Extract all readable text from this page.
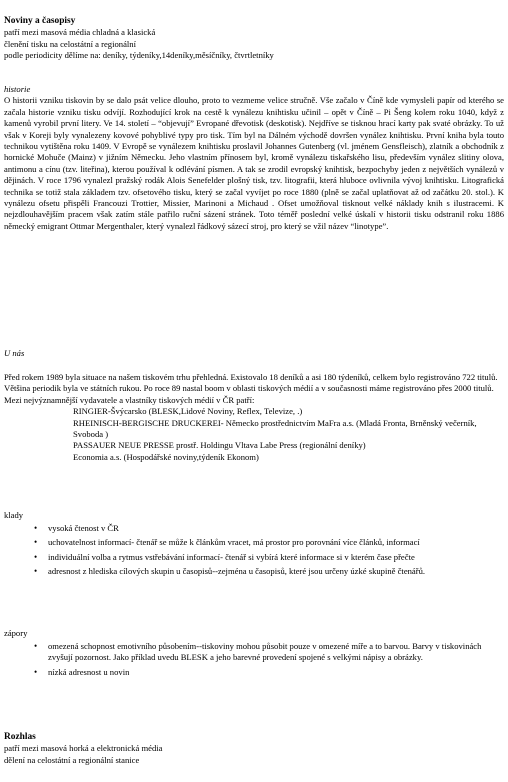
Noviny a časopisy
patří mezi masová média chladná a klasická
členění tisku na celostátní a regionální
podle periodicity dělíme na: deníky, týdeníky,14deníky,měsíčníky, čtvrtletníky
historie
O historii vzniku tiskovin by se dalo psát velice dlouho, proto to vezmeme velice stručně. Vše začalo v Číně kde vymysleli papír od kterého se začala historie vzniku tisku odvíjí. Rozhodující krok na cestě k vynálezu knihtisku učinil – opět v Číně – Pi Šeng kolem roku 1040, když z kamenů vyrobil první litery. Ve 14. století – “objevují” Evropané dřevotisk (deskotisk). Nejdříve se tisknou hrací karty pak svaté obrázky. To už však v Koreji byly vynalezeny kovové pohyblivé typy pro tisk. Tím byl na Dálném východě dovršen vynález knihtisku. První kniha byla touto technikou vytištěna roku 1409. V Evropě se vynálezem knihtisku proslavil Johannes Gutenberg (vl. jménem Gensfleisch), zlatník a obchodník z hornické Mohuče (Mainz) v jižním Německu. Jeho vlastním přínosem byl, kromě vynálezu tiskařského lisu, především vynález slitiny olova, antimonu a cínu (tzv. liteřina), kterou používal k odlévání písmen. A tak se zrodil evropský knihtisk, bezpochyby jeden z největších vynálezů v dějinách. V roce 1796 vynalezl pražský rodák Alois Senefelder plošný tisk, tzv. litografii, která hluboce ovlivnila vývoj knihtisku. Litografická technika se totiž stala základem tzv. ofsetového tisku, který se začal vyvíjet po roce 1880 (plně se začal uplatňovat až od začátku 20. stol.). K vynálezu ofsetu přispěli Francouzi Trottier, Missier, Marinoni a Michaud . Ofset umožňoval tisknout velké náklady knih s ilustracemi. K nejzdlouhavějším pracem však zatím stále patřilo ruční sázení stránek. Toto téměř poslední velké úskalí v historii tisku odstranil roku 1886 německý emigrant Ottmar Mergenthaler, který vynalezl řádkový sázecí stroj, pro který se vžil název “linotype”.
U nás
Před rokem 1989 byla situace na našem tiskovém trhu přehledná. Existovalo 18 deníků a asi 180 týdeníků, celkem bylo registrováno 722 titulů. Většina periodik byla ve státních rukou. Po roce 89 nastal boom v oblasti tiskových médií a v současnosti máme registrováno přes 2000 titulů. Mezi nejvýznamnější vydavatele a vlastníky tiskových médií v ČR patří:
RINGIER-Švýcarsko (BLESK,Lidové Noviny, Reflex, Televize, .)
RHEINISCH-BERGISCHE DRUCKEREI- Německo prostřednictvím MaFra a.s. (Mladá Fronta, Brněnský večerník, Svoboda )
PASSAUER NEUE PRESSE prostř. Holdingu Vltava Labe Press (regionální deníky)
Economia a.s. (Hospodářské noviny,týdeník Ekonom)
klady
• vysoká čtenost v ČR
• uchovatelnost informací- čtenář se může k článkům vracet, má prostor pro porovnání více článků, informací
• individuální volba a rytmus vstřebávání informací- čtenář si vybírá které informace si v kterém čase přečte
• adresnost z hlediska cílových skupin u časopisů--zejména u časopisů, které jsou určeny úzké skupině čtenářů.
zápory
• omezená schopnost emotivního působením--tiskoviny mohou působit pouze v omezené míře a to barvou. Barvy v tiskovinách zvyšují pozornost. Jako příklad uvedu BLESK a jeho barevné provedení spojené s velkými nápisy a obrázky.
• nízká adresnost u novin
Rozhlas
patří mezi masová horká a elektronická média
dělení na celostátní a regionální stanice
